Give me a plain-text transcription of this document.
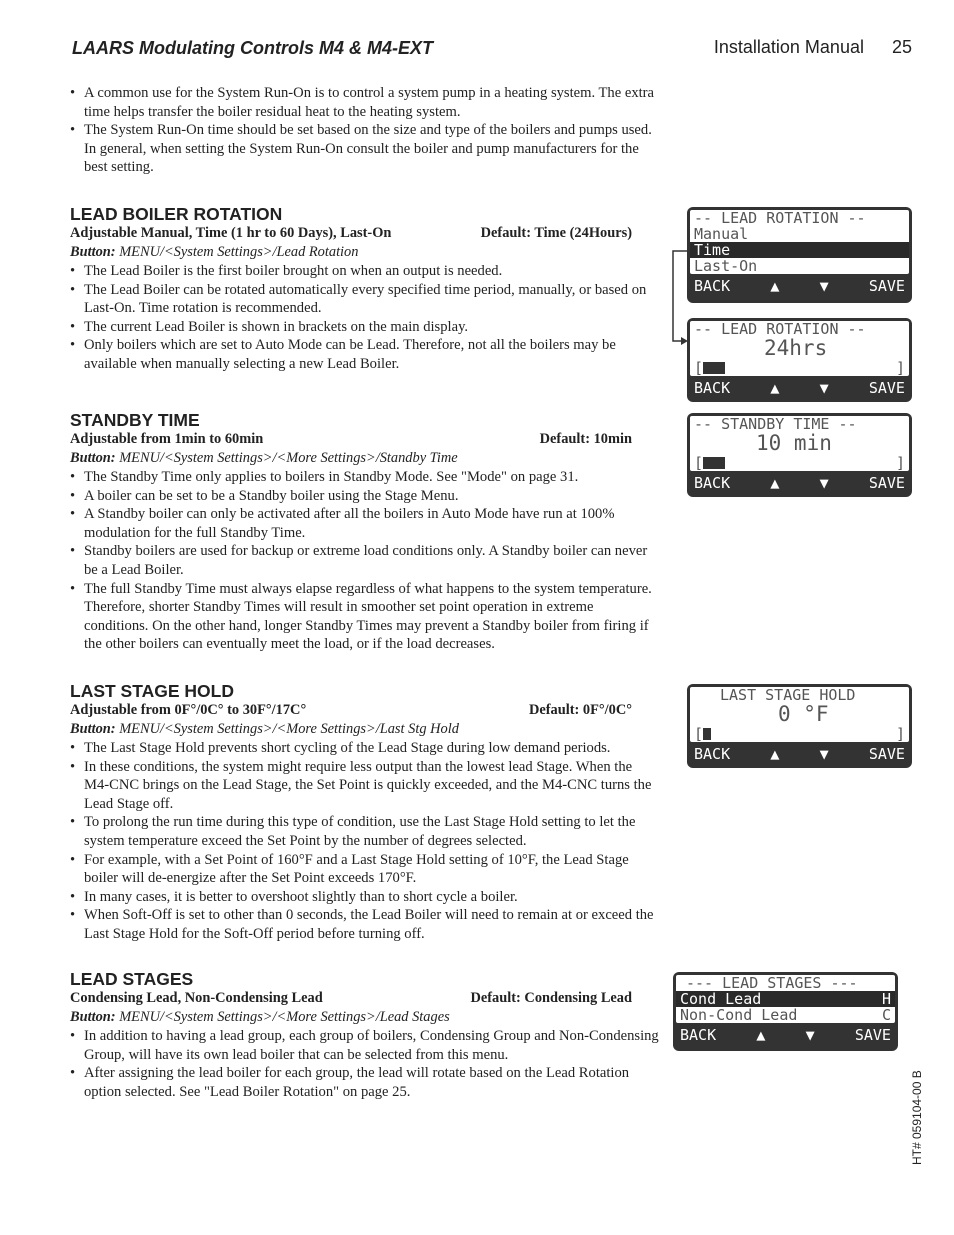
LAARS Modulating Controls M4 & M4-EXT	Installation Manual 25
• A common use for the System Run-On is to control a system pump in a heating system. The extra time helps transfer the boiler residual heat to the heating system.
• The System Run-On time should be set based on the size and type of the boilers and pumps used. In general, when setting the System Run-On consult the boiler and pump manufacturers for the best setting.
LEAD BOILER ROTATION
Adjustable Manual, Time (1 hr to 60 Days), Last-On	Default: Time (24Hours)
Button: MENU/<System Settings>/Lead Rotation
• The Lead Boiler is the first boiler brought on when an output is needed.
• The Lead Boiler can be rotated automatically every specified time period, manually, or based on Last-On. Time rotation is recommended.
• The current Lead Boiler is shown in brackets on the main display.
• Only boilers which are set to Auto Mode can be Lead. Therefore, not all the boilers may be available when manually selecting a new Lead Boiler.
STANDBY TIME
Adjustable from 1min to 60min	Default: 10min
Button: MENU/<System Settings>/<More Settings>/Standby Time
• The Standby Time only applies to boilers in Standby Mode. See "Mode" on page 31.
• A boiler can be set to be a Standby boiler using the Stage Menu.
• A Standby boiler can only be activated after all the boilers in Auto Mode have run at 100% modulation for the full Standby Time.
• Standby boilers are used for backup or extreme load conditions only. A Standby boiler can never be a Lead Boiler.
• The full Standby Time must always elapse regardless of what happens to the system temperature. Therefore, shorter Standby Times will result in smoother set point operation in extreme conditions. On the other hand, longer Standby Times may prevent a Standby boiler from firing if the other boilers can eventually meet the load, or if the load decreases.
LAST STAGE HOLD
Adjustable from 0F°/0C° to 30F°/17C°	Default: 0F°/0C°
Button: MENU/<System Settings>/<More Settings>/Last Stg Hold
• The Last Stage Hold prevents short cycling of the Lead Stage during low demand periods.
• In these conditions, the system might require less output than the lowest lead Stage. When the M4-CNC brings on the Lead Stage, the Set Point is quickly exceeded, and the M4-CNC turns the Lead Stage off.
• To prolong the run time during this type of condition, use the Last Stage Hold setting to let the system temperature exceed the Set Point by the number of degrees selected.
• For example, with a Set Point of 160°F and a Last Stage Hold setting of 10°F, the Lead Stage boiler will de-energize after the Set Point exceeds 170°F.
• In many cases, it is better to overshoot slightly than to short cycle a boiler.
• When Soft-Off is set to other than 0 seconds, the Lead Boiler will need to remain at or exceed the Last Stage Hold for the Soft-Off period before turning off.
LEAD STAGES
Condensing Lead, Non-Condensing Lead	Default: Condensing Lead
Button: MENU/<System Settings>/<More Settings>/Lead Stages
• In addition to having a lead group, each group of boilers, Condensing Group and Non-Condensing Group, will have its own lead boiler that can be selected from this menu.
• After assigning the lead boiler for each group, the lead will rotate based on the Lead Rotation option selected. See "Lead Boiler Rotation" on page 25.
-- LEAD ROTATION --
Manual
Time
Last-On
BACK	▲	▼	SAVE
-- LEAD ROTATION --
24hrs
[	]
BACK	▲	▼	SAVE
-- STANDBY TIME --
10 min
[	]
BACK	▲	▼	SAVE
LAST STAGE HOLD
0 °F
[	]
BACK	▲	▼	SAVE
--- LEAD STAGES ---
Cond Lead	H
Non-Cond Lead	C
BACK	▲	▼	SAVE
HT# 059104-00 B
